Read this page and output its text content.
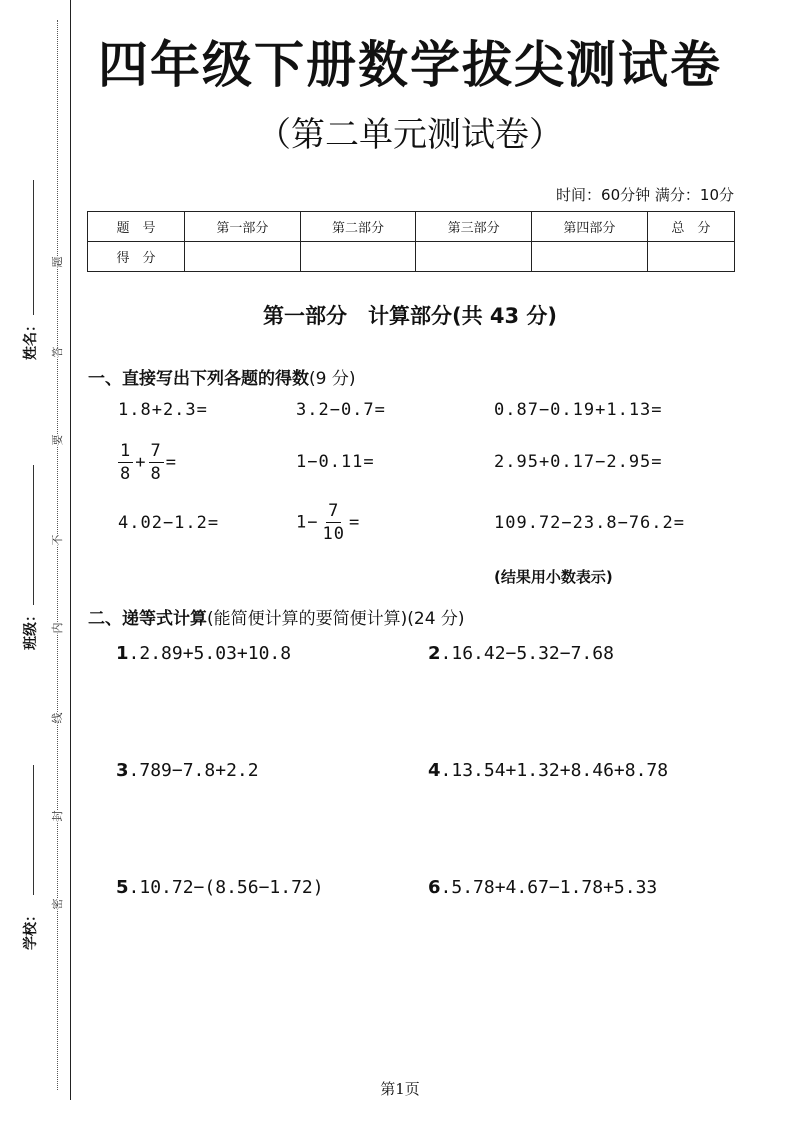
姓名：
班级：
学校：
题
答
要
不
内
线
封
密
四年级下册数学拔尖测试卷
（第二单元测试卷）
时间：60分钟 满分：10分
题　号	第一部分	第二部分	第三部分	第四部分	总　分
得　分					
第一部分　计算部分(共 43 分)
一、直接写出下列各题的得数(9 分)
1.8+2.3=	3.2−0.7=	0.87−0.19+1.13=
$\frac{1}{8} + \frac{7}{8}$ =	1−0.11=	2.95+0.17−2.95=
4.02−1.2=	$1- \frac{7}{10}$ =	109.72−23.8−76.2=
(结果用小数表示)
二、递等式计算(能简便计算的要简便计算)(24 分)
1.2.89+5.03+10.8	2.16.42−5.32−7.68
3.789−7.8+2.2	4.13.54+1.32+8.46+8.78
5.10.72−(8.56−1.72)	6.5.78+4.67−1.78+5.33
第1页
